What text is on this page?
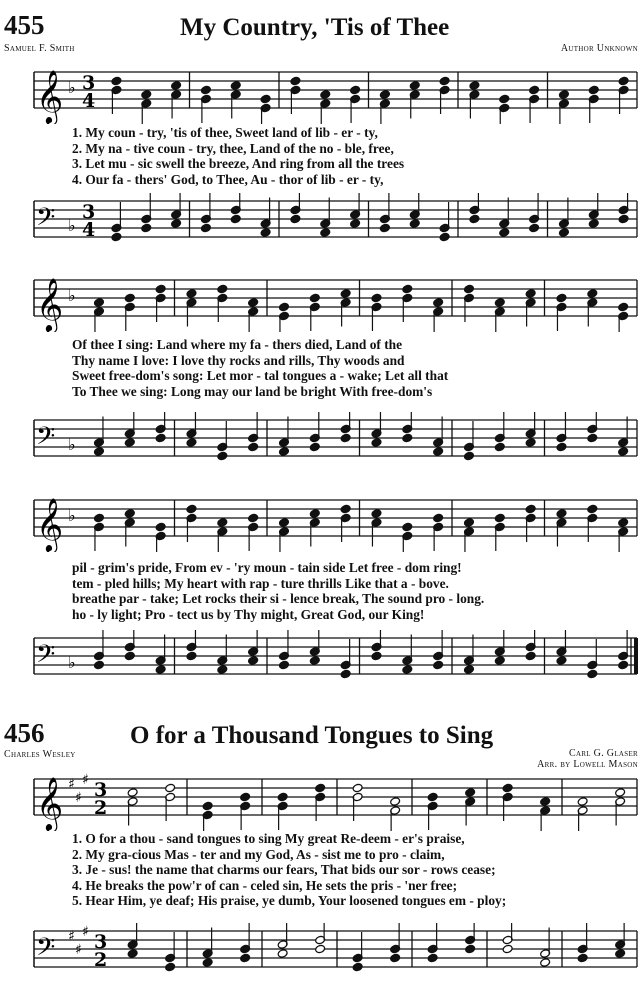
455	My Country, 'Tis of Thee
Samuel F. Smith	Author Unknown
𝄞 ♭ 3
4
1. My coun - try, 'tis of thee, Sweet land of lib - er - ty,
2. My na - tive coun - try, thee, Land of the no - ble, free,
3. Let mu - sic swell the breeze, And ring from all the trees
4. Our fa - thers' God, to Thee, Au - thor of lib - er - ty,
𝄢 ♭
3
4
𝄞 ♭
Of thee I sing: Land where my fa - thers died, Land of the
Thy name I love: I love thy rocks and rills, Thy woods and
Sweet free-dom's song: Let mor - tal tongues a - wake; Let all that
To Thee we sing: Long may our land be bright With free-dom's
𝄢 ♭
𝄞 ♭
pil - grim's pride, From ev - 'ry moun - tain side Let free - dom ring!
tem - pled hills; My heart with rap - ture thrills Like that a - bove.
breathe par - take; Let rocks their si - lence break, The sound pro - long.
ho - ly light; Pro - tect us by Thy might, Great God, our King!
𝄢 ♭
456	O for a Thousand Tongues to Sing
Charles Wesley	Carl G. Glaser
Arr. by Lowell Mason
𝄞 ♯
♯
♯ 3
2
1. O for a thou - sand tongues to sing My great Re-deem - er's praise,
2. My gra-cious Mas - ter and my God, As - sist me to pro - claim,
3. Je - sus! the name that charms our fears, That bids our sor - rows cease;
4. He breaks the pow'r of can - celed sin, He sets the pris - 'ner free;
5. Hear Him, ye deaf; His praise, ye dumb, Your loosened tongues em - ploy;
𝄢 ♯
♯
♯ 3
2
